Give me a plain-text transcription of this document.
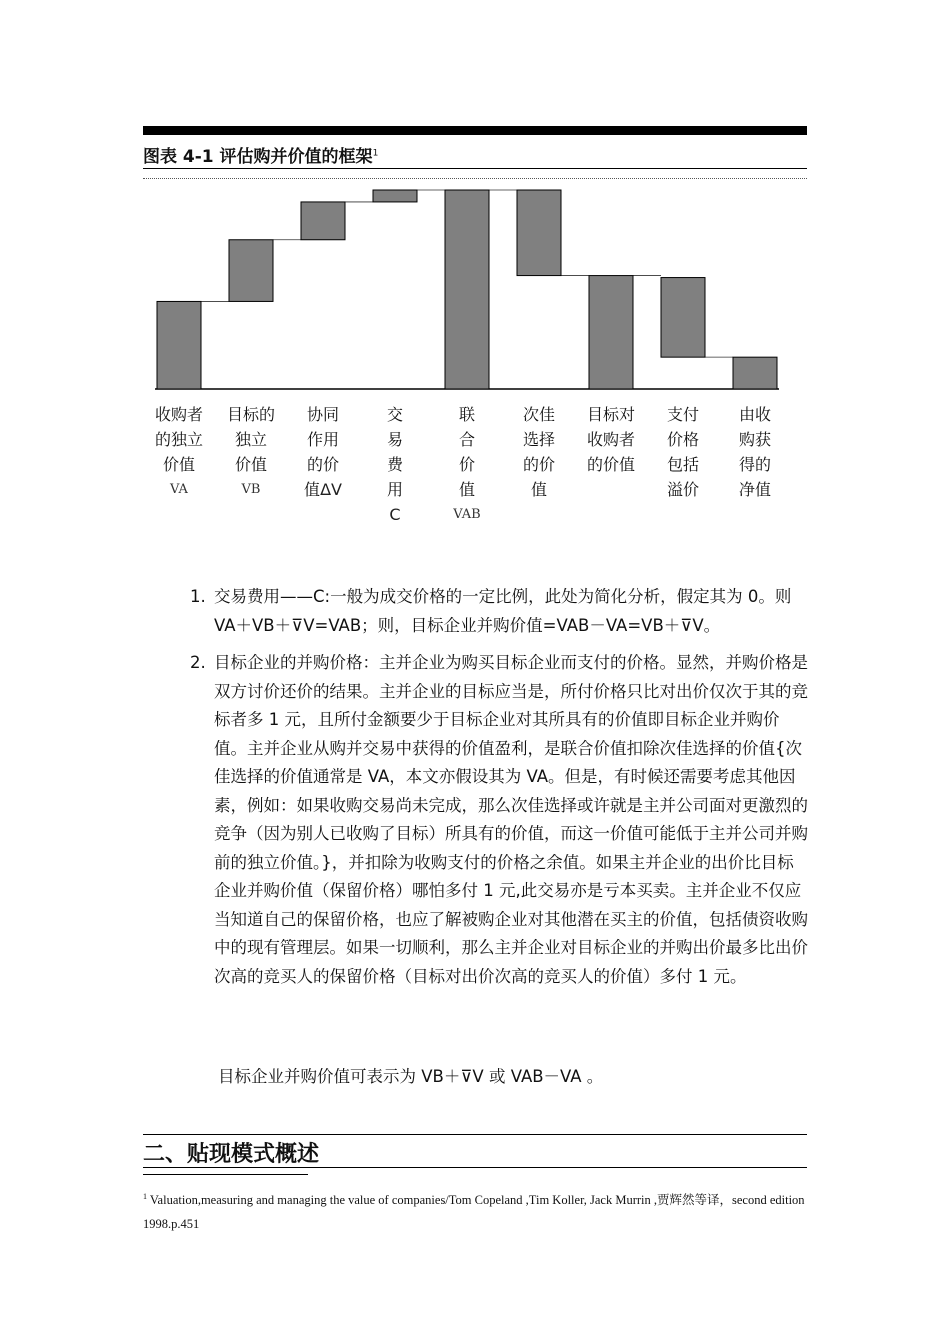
图表 4-1 评估购并价值的框架$^1$
收购者
的独立
价值
VA
目标的
独立
价值
VB
协同
作用
的价
值ΔV
交
易
费
用
C
联
合
价
值
VAB
次佳
选择
的价
值
目标对
收购者
的价值
支付
价格
包括
溢价
由收
购获
得的
净值
1. 交易费用——C:一般为成交价格的一定比例，此处为简化分析，假定其为 0。则 VA＋VB＋⊽V=VAB；则，目标企业并购价值=VAB－VA=VB＋⊽V。
2. 目标企业的并购价格：主并企业为购买目标企业而支付的价格。显然，并购价格是双方讨价还价的结果。主并企业的目标应当是，所付价格只比对出价仅次于其的竞标者多 1 元，且所付金额要少于目标企业对其所具有的价值即目标企业并购价值。主并企业从购并交易中获得的价值盈利，是联合价值扣除次佳选择的价值{次佳选择的价值通常是 VA，本文亦假设其为 VA。但是，有时候还需要考虑其他因素，例如：如果收购交易尚未完成，那么次佳选择或许就是主并公司面对更激烈的竞争（因为别人已收购了目标）所具有的价值，而这一价值可能低于主并公司并购前的独立价值。}，并扣除为收购支付的价格之余值。如果主并企业的出价比目标企业并购价值（保留价格）哪怕多付 1 元,此交易亦是亏本买卖。主并企业不仅应当知道自己的保留价格，也应了解被购企业对其他潜在买主的价值，包括债资收购中的现有管理层。如果一切顺利，那么主并企业对目标企业的并购出价最多比出价次高的竞买人的保留价格（目标对出价次高的竞买人的价值）多付 1 元。
目标企业并购价值可表示为 VB＋⊽V 或 VAB－VA 。
二、贴现模式概述
$^1$ Valuation,measuring and managing the value of companies/Tom Copeland ,Tim Koller, Jack Murrin ,贾辉然等译，second edition 1998.p.451
